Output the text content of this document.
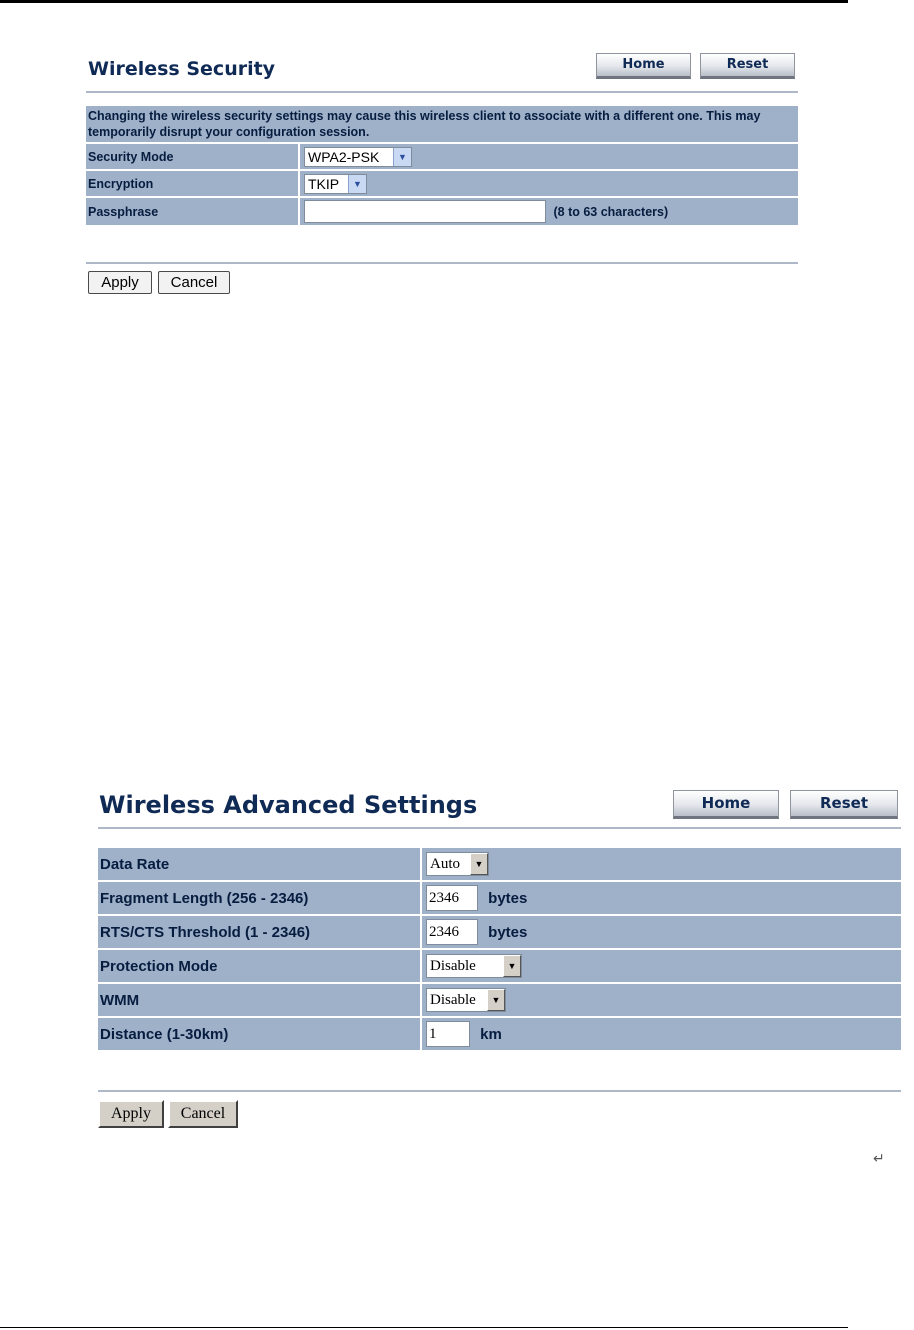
Wireless Security	Home	Reset
Changing the wireless security settings may cause this wireless client to associate with a different one. This may temporarily disrupt your configuration session.	
Security Mode	WPA2-PSK ▼

Encryption	TKIP ▼

Passphrase	(8 to 63 characters)
Apply	Cancel
Wireless Advanced Settings	Home	Reset
Data Rate	Auto ▼

Fragment Length (256 - 2346)	2346bytes
RTS/CTS Threshold (1 - 2346)	2346bytes
Protection Mode	Disable ▼

WMM	Disable ▼

Distance (1-30km)	1km
Apply	Cancel
↵
